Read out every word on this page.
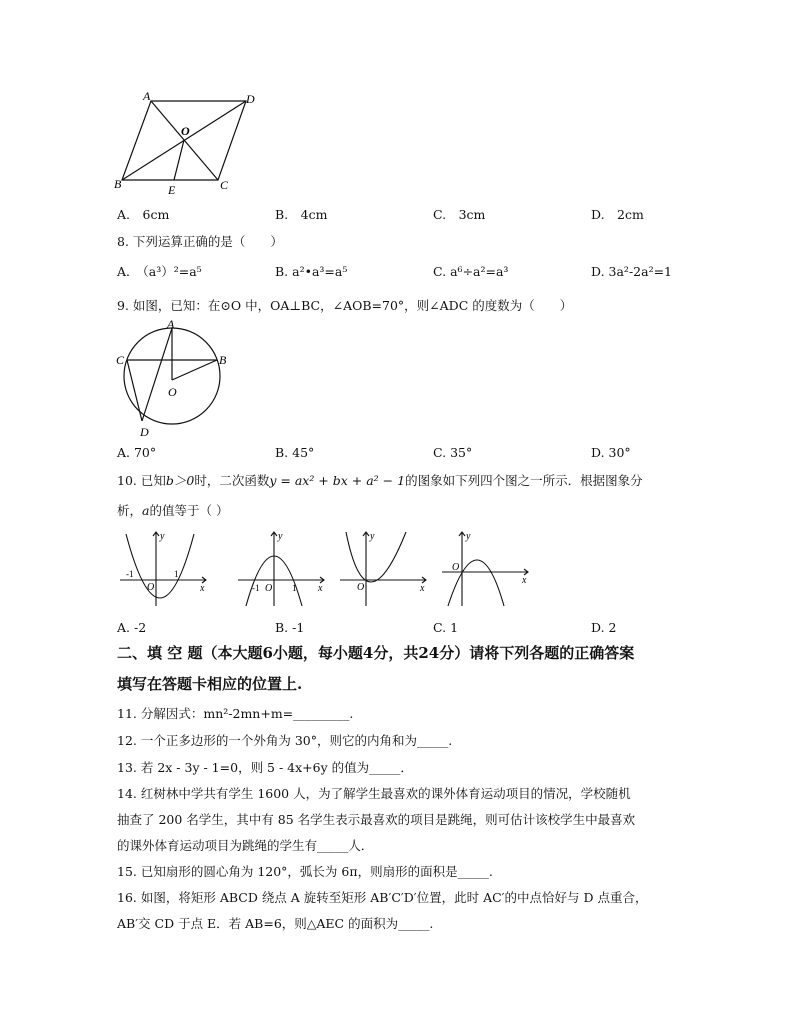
A	D
O
B	E	C
A.　6cm	B.　4cm	C.　3cm	D.　2cm
8. 下列运算正确的是（　　）
A.　（a³）²=a⁵	B. a²•a³=a⁵	C. a⁶÷a²=a³	D. 3a²-2a²=1
9. 如图，已知：在⊙O 中，OA⊥BC，∠AOB=70°，则∠ADC 的度数为（　　）
A
C	B
O
D
A. 70°	B. 45°	C. 35°	D. 30°
10. 已知b＞0时，二次函数y = ax² + bx + a² − 1的图象如下列四个图之一所示．根据图象分
析，a的值等于（ ）
y
-1
O
1
x
y
-1 O 1 x
y
O	x
y
O
x
A. -2	B. -1	C. 1	D. 2
二、填 空 题（本大题6小题，每小题4分，共24分）请将下列各题的正确答案
填写在答题卡相应的位置上.
11. 分解因式：mn²-2mn+m=_________.
12. 一个正多边形的一个外角为 30°，则它的内角和为_____.
13. 若 2x - 3y - 1=0，则 5 - 4x+6y 的值为_____．
14. 红树林中学共有学生 1600 人，为了解学生最喜欢的课外体育运动项目的情况，学校随机
抽查了 200 名学生，其中有 85 名学生表示最喜欢的项目是跳绳，则可估计该校学生中最喜欢
的课外体育运动项目为跳绳的学生有_____人．
15. 已知扇形的圆心角为 120°，弧长为 6π，则扇形的面积是_____.
16. 如图，将矩形 ABCD 绕点 A 旋转至矩形 AB′C′D′位置，此时 AC′的中点恰好与 D 点重合，
AB′交 CD 于点 E．若 AB=6，则△AEC 的面积为_____.
